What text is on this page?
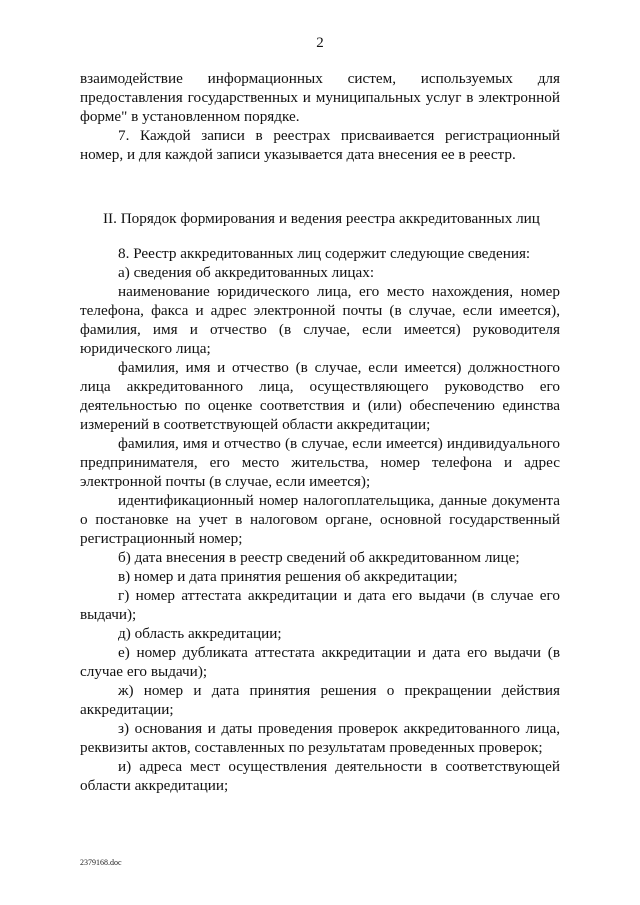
2

взаимодействие информационных систем, используемых для предоставления государственных и муниципальных услуг в электронной форме" в установленном порядке.

7. Каждой записи в реестрах присваивается регистрационный номер, и для каждой записи указывается дата внесения ее в реестр.

II. Порядок формирования и ведения реестра аккредитованных лиц

8. Реестр аккредитованных лиц содержит следующие сведения:

а) сведения об аккредитованных лицах:

наименование юридического лица, его место нахождения, номер телефона, факса и адрес электронной почты (в случае, если имеется), фамилия, имя и отчество (в случае, если имеется) руководителя юридического лица;

фамилия, имя и отчество (в случае, если имеется) должностного лица аккредитованного лица, осуществляющего руководство его деятельностью по оценке соответствия и (или) обеспечению единства измерений в соответствующей области аккредитации;

фамилия, имя и отчество (в случае, если имеется) индивидуального предпринимателя, его место жительства, номер телефона и адрес электронной почты (в случае, если имеется);

идентификационный номер налогоплательщика, данные документа о постановке на учет в налоговом органе, основной государственный регистрационный номер;

б) дата внесения в реестр сведений об аккредитованном лице;

в) номер и дата принятия решения об аккредитации;

г) номер аттестата аккредитации и дата его выдачи (в случае его выдачи);

д) область аккредитации;

е) номер дубликата аттестата аккредитации и дата его выдачи (в случае его выдачи);

ж) номер и дата принятия решения о прекращении действия аккредитации;

з) основания и даты проведения проверок аккредитованного лица, реквизиты актов, составленных по результатам проведенных проверок;

и) адреса мест осуществления деятельности в соответствующей области аккредитации;

2379168.doc
